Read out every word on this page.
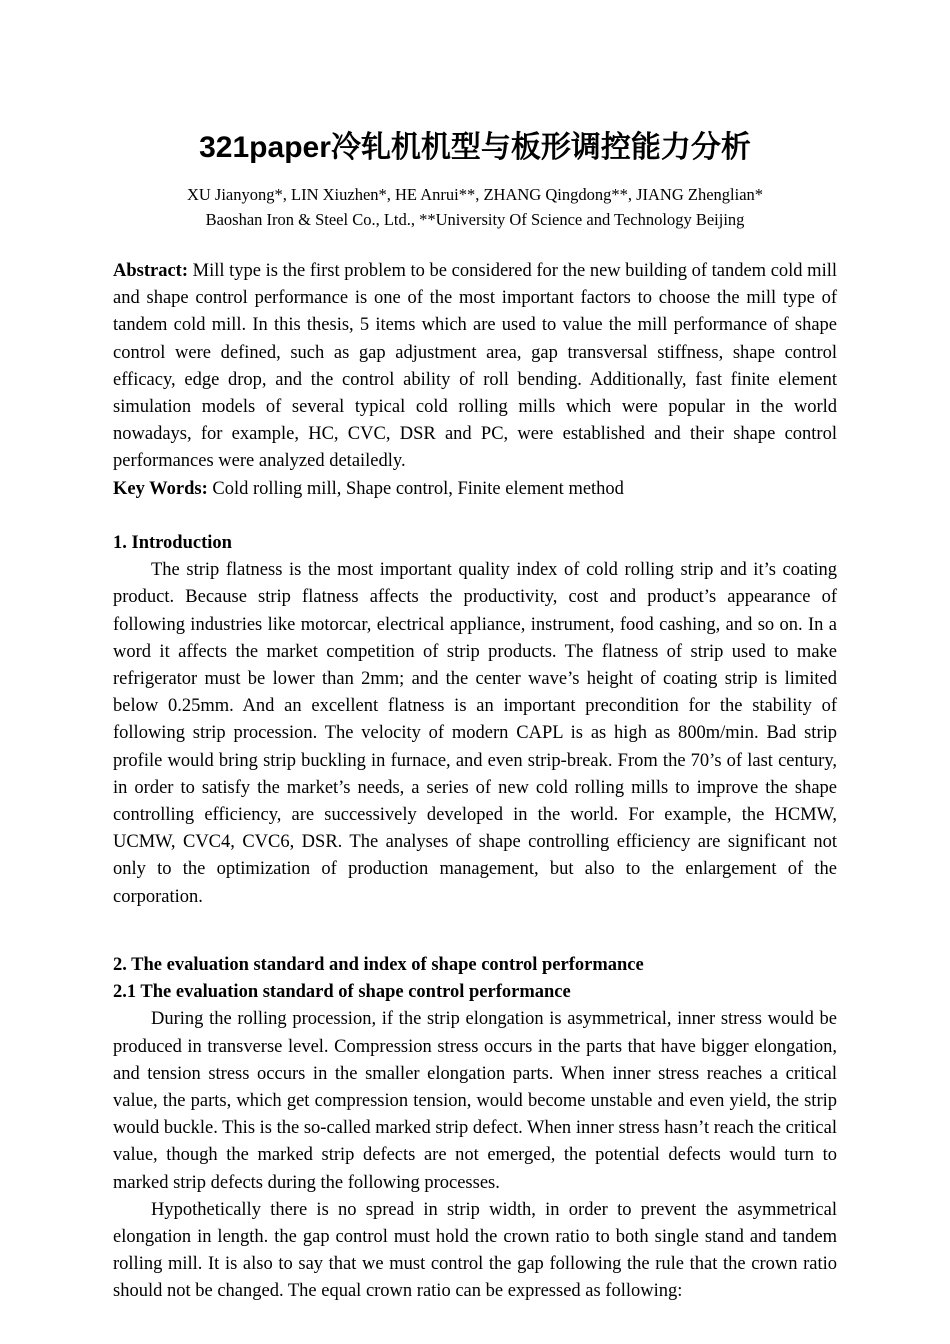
321paper冷轧机机型与板形调控能力分析
XU Jianyong*, LIN Xiuzhen*, HE Anrui**, ZHANG Qingdong**, JIANG Zhenglian*
Baoshan Iron & Steel Co., Ltd., **University Of Science and Technology Beijing

Abstract: Mill type is the first problem to be considered for the new building of tandem cold mill and shape control performance is one of the most important factors to choose the mill type of tandem cold mill. In this thesis, 5 items which are used to value the mill performance of shape control were defined, such as gap adjustment area, gap transversal stiffness, shape control efficacy, edge drop, and the control ability of roll bending. Additionally, fast finite element simulation models of several typical cold rolling mills which were popular in the world nowadays, for example, HC, CVC, DSR and PC, were established and their shape control performances were analyzed detailedly.

Key Words: Cold rolling mill, Shape control, Finite element method

1. Introduction

The strip flatness is the most important quality index of cold rolling strip and it’s coating product. Because strip flatness affects the productivity, cost and product’s appearance of following industries like motorcar, electrical appliance, instrument, food cashing, and so on. In a word it affects the market competition of strip products. The flatness of strip used to make refrigerator must be lower than 2mm; and the center wave’s height of coating strip is limited below 0.25mm. And an excellent flatness is an important precondition for the stability of following strip procession. The velocity of modern CAPL is as high as 800m/min. Bad strip profile would bring strip buckling in furnace, and even strip-break. From the 70’s of last century, in order to satisfy the market’s needs, a series of new cold rolling mills to improve the shape controlling efficiency, are successively developed in the world. For example, the HCMW, UCMW, CVC4, CVC6, DSR. The analyses of shape controlling efficiency are significant not only to the optimization of production management, but also to the enlargement of the corporation.

2. The evaluation standard and index of shape control performance
2.1 The evaluation standard of shape control performance

During the rolling procession, if the strip elongation is asymmetrical, inner stress would be produced in transverse level. Compression stress occurs in the parts that have bigger elongation, and tension stress occurs in the smaller elongation parts. When inner stress reaches a critical value, the parts, which get compression tension, would become unstable and even yield, the strip would buckle. This is the so-called marked strip defect. When inner stress hasn’t reach the critical value, though the marked strip defects are not emerged, the potential defects would turn to marked strip defects during the following processes.

Hypothetically there is no spread in strip width, in order to prevent the asymmetrical elongation in length. the gap control must hold the crown ratio to both single stand and tandem rolling mill. It is also to say that we must control the gap following the rule that the crown ratio should not be changed. The equal crown ratio can be expressed as following:
